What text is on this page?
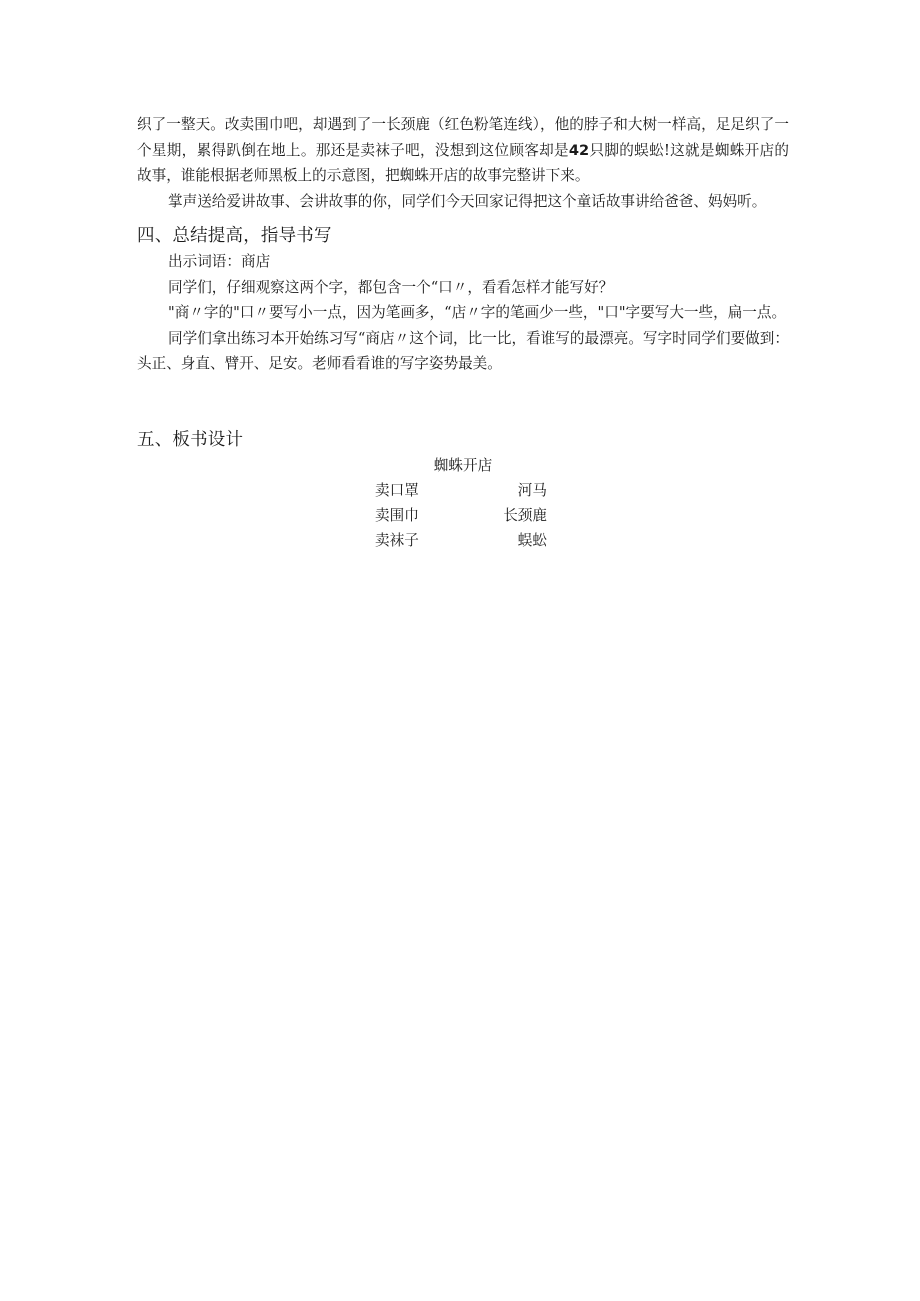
织了一整天。改卖围巾吧，却遇到了一长颈鹿（红色粉笔连线），他的脖子和大树一样高，足足织了一个星期，累得趴倒在地上。那还是卖袜子吧，没想到这位顾客却是42只脚的蜈蚣!这就是蜘蛛开店的故事，谁能根据老师黑板上的示意图，把蜘蛛开店的故事完整讲下来。

掌声送给爱讲故事、会讲故事的你，同学们今天回家记得把这个童话故事讲给爸爸、妈妈听。

四、总结提高，指导书写

出示词语：商店

同学们，仔细观察这两个字，都包含一个“口〃，看看怎样才能写好？

"商〃字的"口〃要写小一点，因为笔画多，“店〃字的笔画少一些，"口"字要写大一些，扁一点。

同学们拿出练习本开始练习写“商店〃这个词，比一比，看谁写的最漂亮。写字时同学们要做到：头正、身直、臂开、足安。老师看看谁的写字姿势最美。

五、板书设计
蜘蛛开店
卖口罩	河马
卖围巾	长颈鹿
卖袜子	蜈蚣
